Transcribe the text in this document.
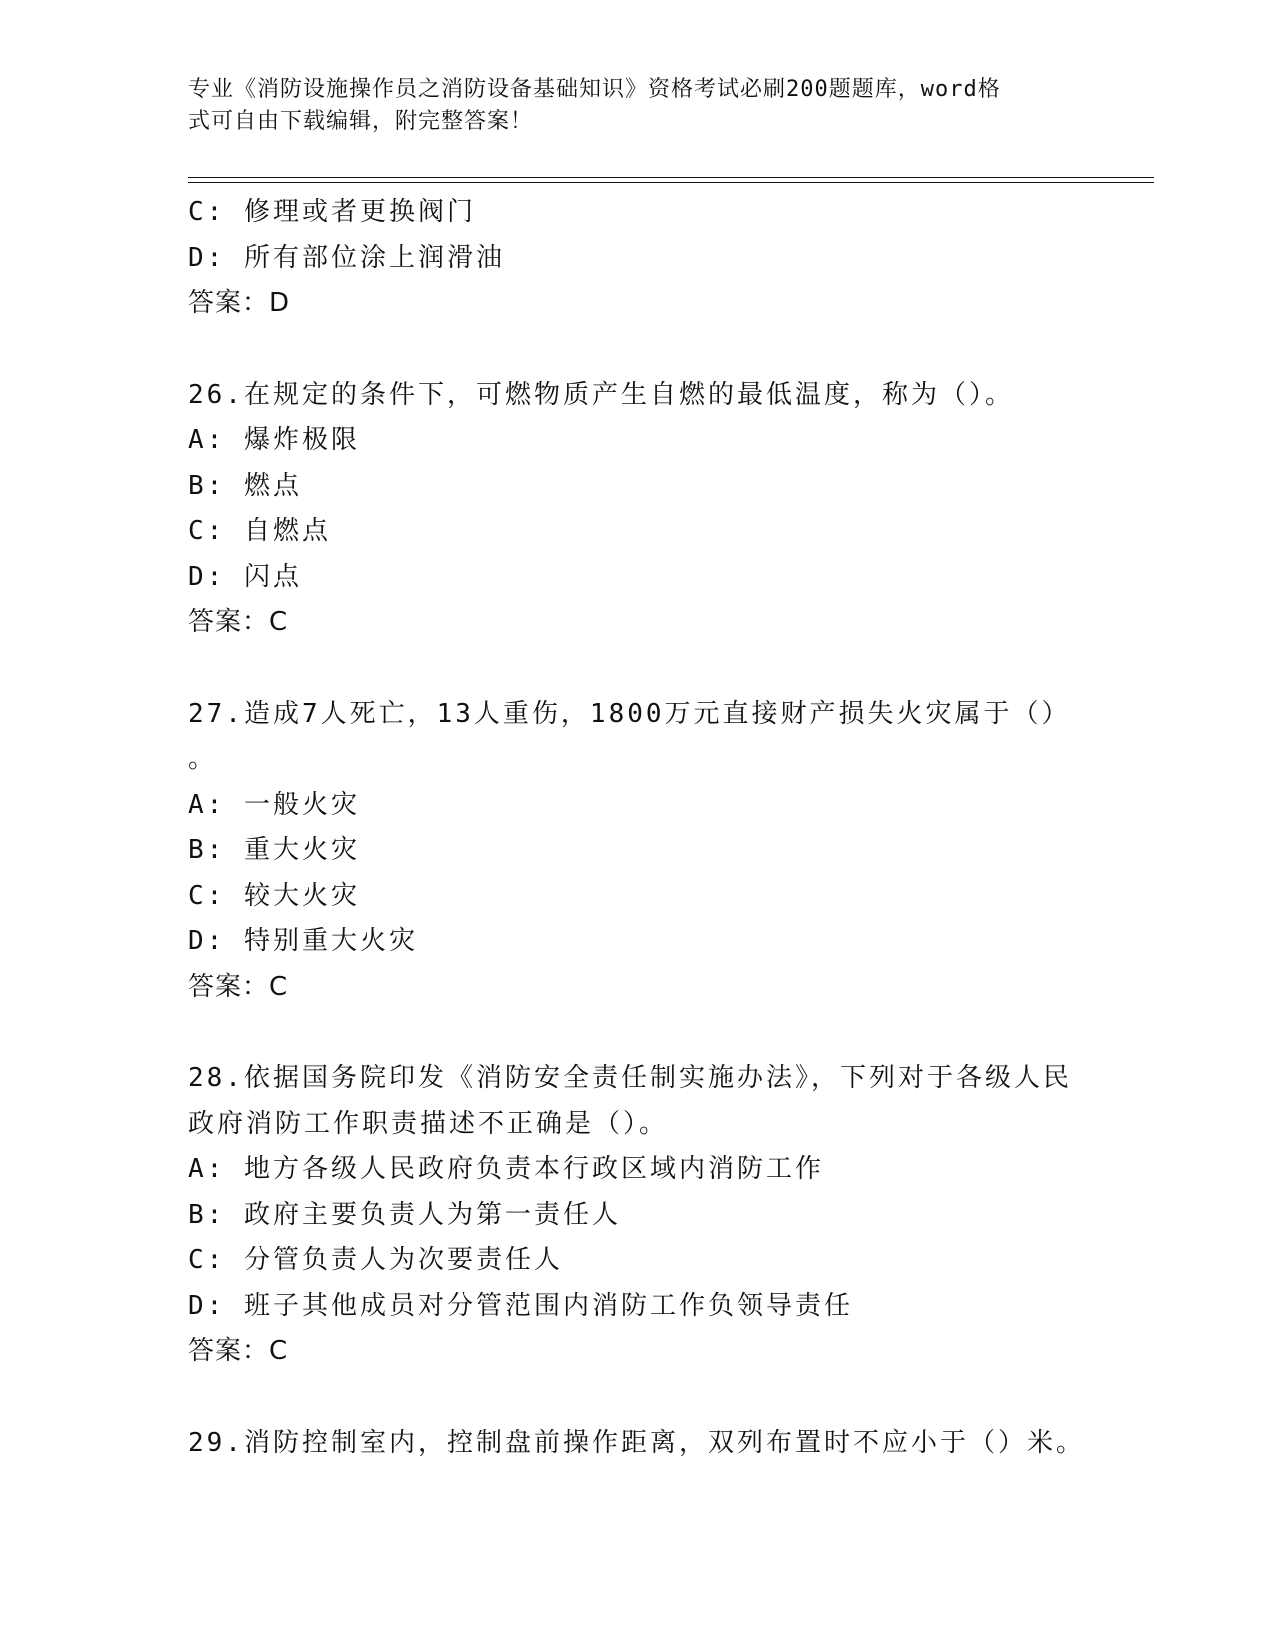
专业《消防设施操作员之消防设备基础知识》资格考试必刷200题题库，word格
式可自由下载编辑，附完整答案！
C: 修理或者更换阀门
D: 所有部位涂上润滑油
答案：D
26.在规定的条件下，可燃物质产生自燃的最低温度，称为（）。
A: 爆炸极限
B: 燃点
C: 自燃点
D: 闪点
答案：C
27.造成7人死亡，13人重伤，1800万元直接财产损失火灾属于（）
。
A: 一般火灾
B: 重大火灾
C: 较大火灾
D: 特别重大火灾
答案：C
28.依据国务院印发《消防安全责任制实施办法》，下列对于各级人民
政府消防工作职责描述不正确是（）。
A: 地方各级人民政府负责本行政区域内消防工作
B: 政府主要负责人为第一责任人
C: 分管负责人为次要责任人
D: 班子其他成员对分管范围内消防工作负领导责任
答案：C
29.消防控制室内，控制盘前操作距离，双列布置时不应小于（）米。
